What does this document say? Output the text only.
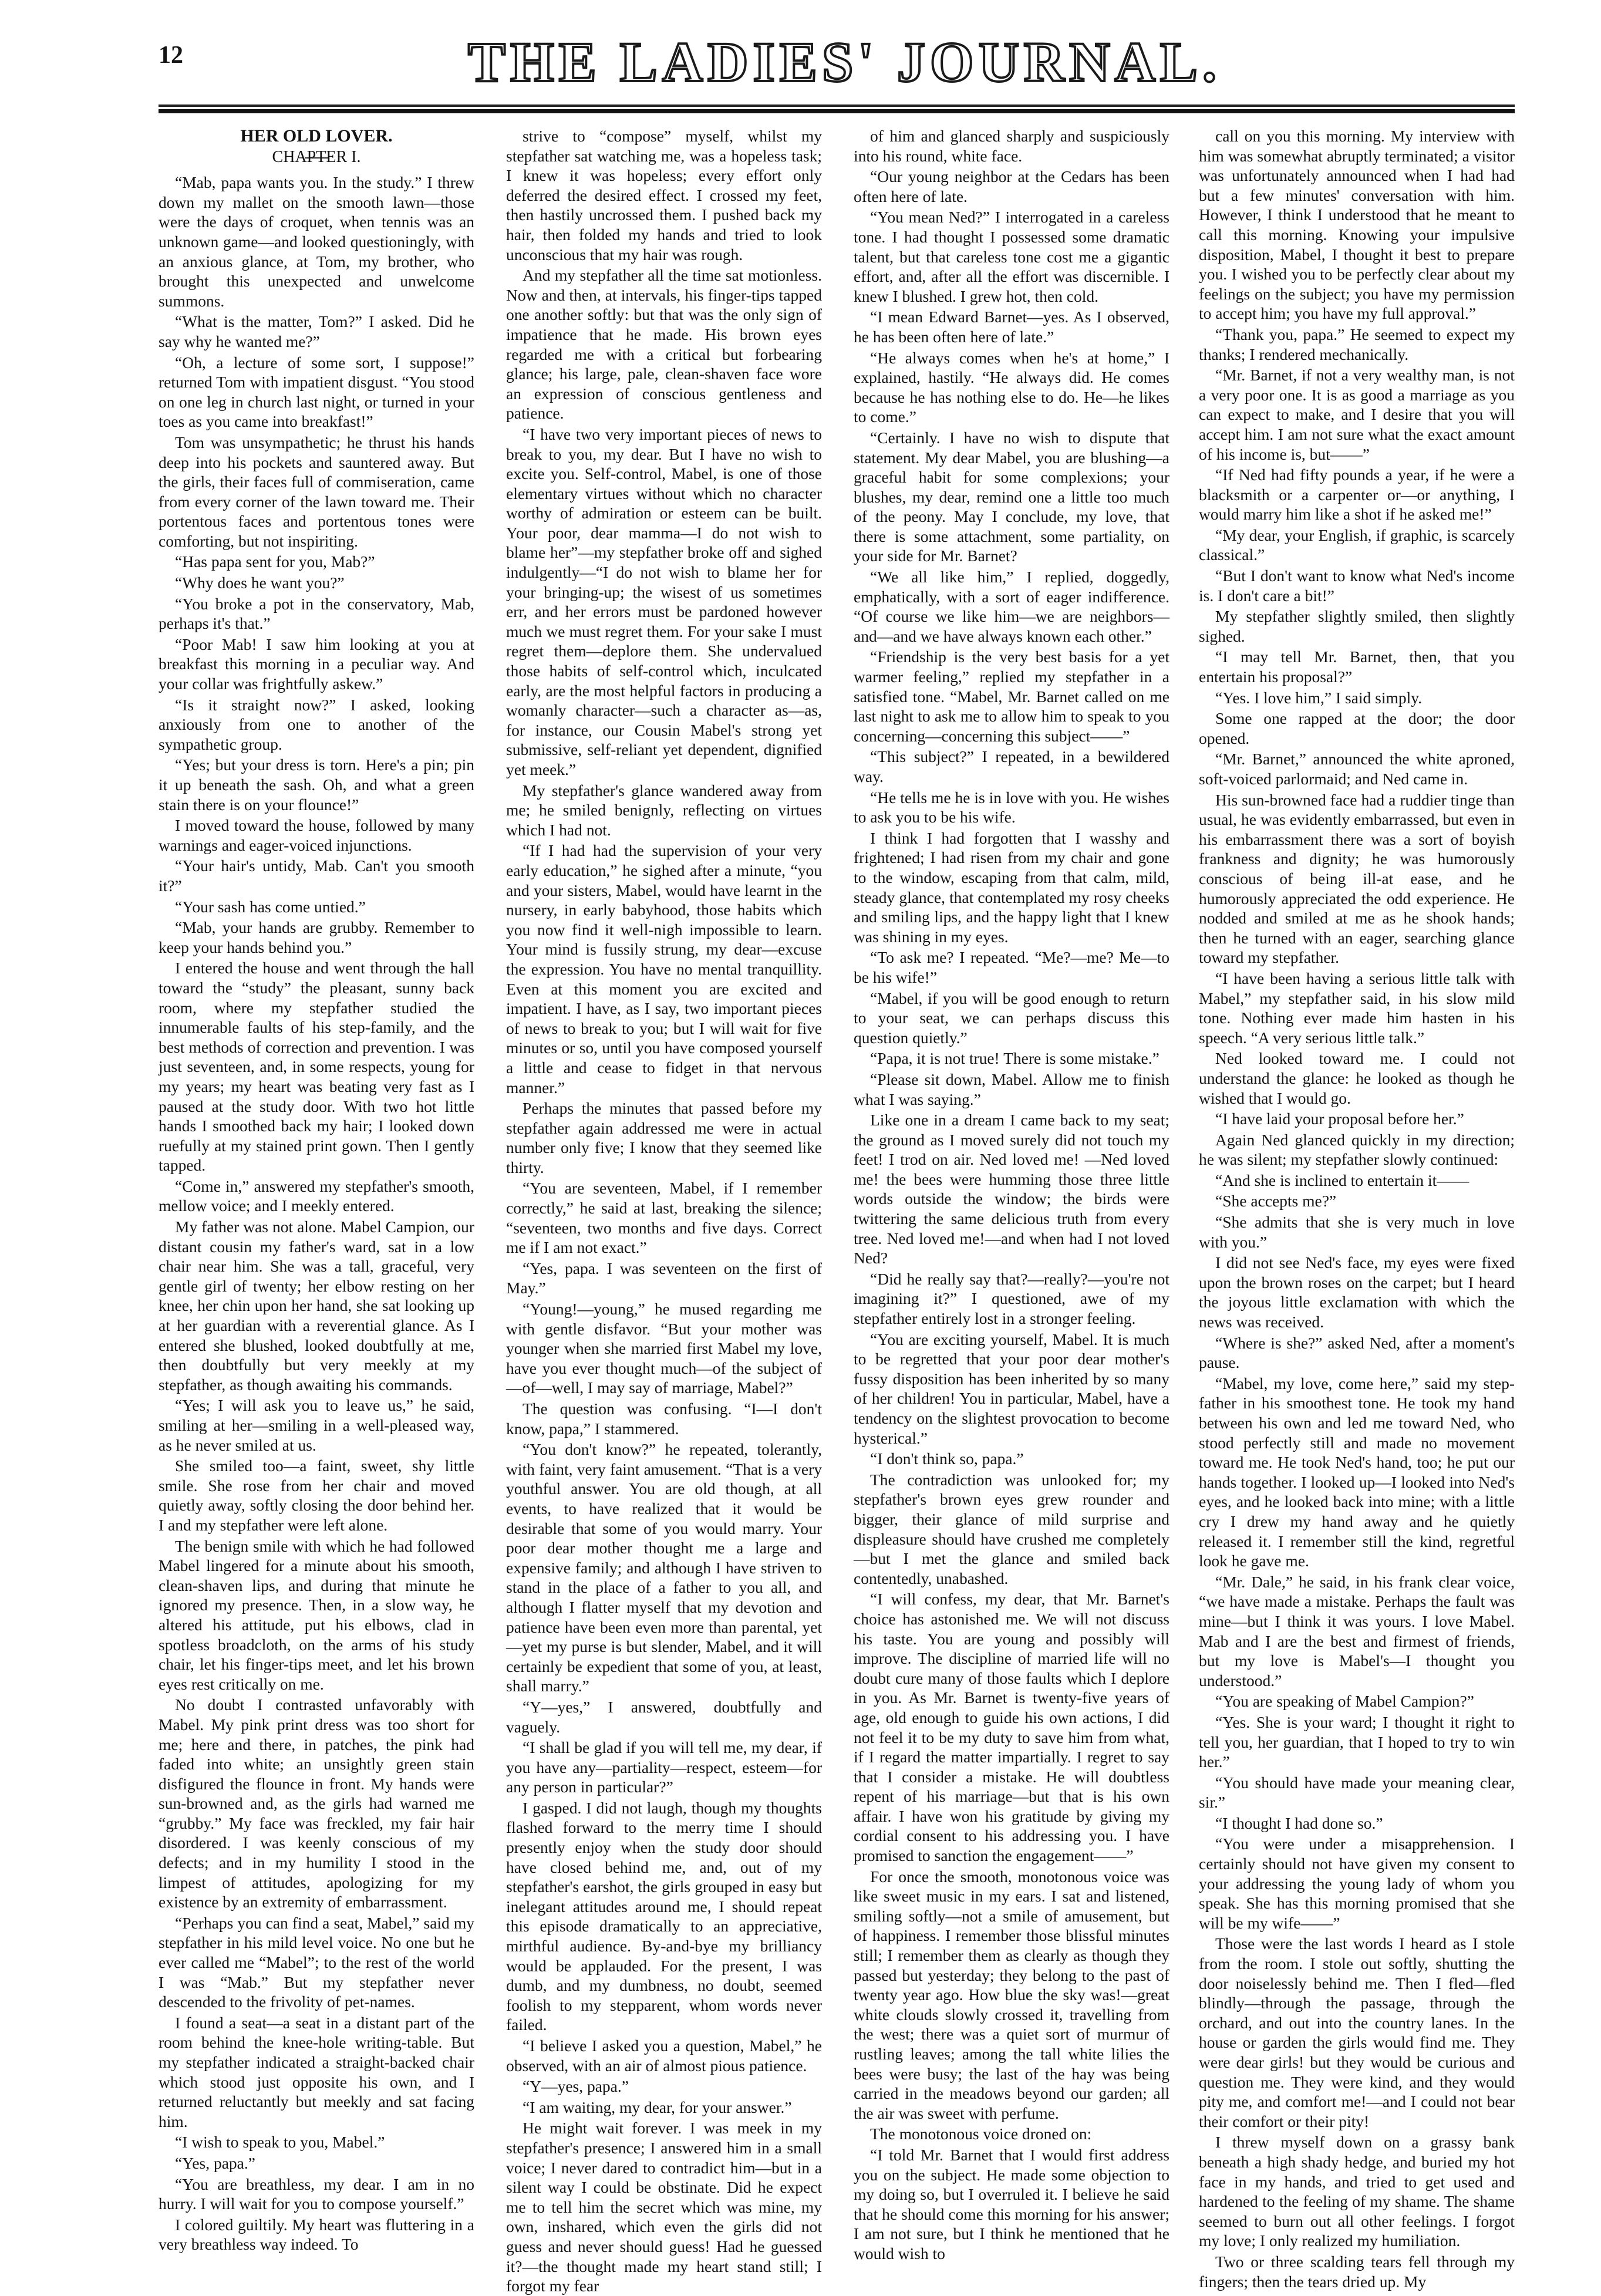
12	THE LADIES' JOURNAL.

HER OLD LOVER.

CHAPTER I.

“Mab, papa wants you. In the study.” I threw down my mallet on the smooth lawn—those were the days of croquet, when tennis was an unknown game—and looked questioningly, with an anxious glance, at Tom, my brother, who brought this unexpected and unwelcome summons.

“What is the matter, Tom?” I asked. Did he say why he wanted me?”

“Oh, a lecture of some sort, I suppose!” returned Tom with impatient disgust. “You stood on one leg in church last night, or turned in your toes as you came into breakfast!”

Tom was unsympathetic; he thrust his hands deep into his pockets and sauntered away. But the girls, their faces full of commiseration, came from every corner of the lawn toward me. Their portentous faces and portentous tones were comforting, but not inspiriting.

“Has papa sent for you, Mab?”

“Why does he want you?”

“You broke a pot in the conservatory, Mab, perhaps it's that.”

“Poor Mab! I saw him looking at you at breakfast this morning in a peculiar way. And your collar was frightfully askew.”

“Is it straight now?” I asked, looking anxiously from one to another of the sympathetic group.

“Yes; but your dress is torn. Here's a pin; pin it up beneath the sash. Oh, and what a green stain there is on your flounce!”

I moved toward the house, followed by many warnings and eager-voiced injunctions.

“Your hair's untidy, Mab. Can't you smooth it?”

“Your sash has come untied.”

“Mab, your hands are grubby. Remember to keep your hands behind you.”

I entered the house and went through the hall toward the “study” the pleasant, sunny back room, where my stepfather studied the innumerable faults of his step-family, and the best methods of correction and prevention. I was just seventeen, and, in some respects, young for my years; my heart was beating very fast as I paused at the study door. With two hot little hands I smoothed back my hair; I looked down ruefully at my stained print gown. Then I gently tapped.

“Come in,” answered my stepfather's smooth, mellow voice; and I meekly entered.

My father was not alone. Mabel Campion, our distant cousin my father's ward, sat in a low chair near him. She was a tall, graceful, very gentle girl of twenty; her elbow resting on her knee, her chin upon her hand, she sat looking up at her guardian with a reverential glance. As I entered she blushed, looked doubtfully at me, then doubtfully but very meekly at my stepfather, as though awaiting his commands.

“Yes; I will ask you to leave us,” he said, smiling at her—smiling in a well-pleased way, as he never smiled at us.

She smiled too—a faint, sweet, shy little smile. She rose from her chair and moved quietly away, softly closing the door behind her. I and my stepfather were left alone.

The benign smile with which he had followed Mabel lingered for a minute about his smooth, clean-shaven lips, and during that minute he ignored my presence. Then, in a slow way, he altered his attitude, put his elbows, clad in spotless broadcloth, on the arms of his study chair, let his finger-tips meet, and let his brown eyes rest critically on me.

No doubt I contrasted unfavorably with Mabel. My pink print dress was too short for me; here and there, in patches, the pink had faded into white; an unsightly green stain disfigured the flounce in front. My hands were sun-browned and, as the girls had warned me “grubby.” My face was freckled, my fair hair disordered. I was keenly conscious of my defects; and in my humility I stood in the limpest of attitudes, apologizing for my existence by an extremity of embarrassment.

“Perhaps you can find a seat, Mabel,” said my stepfather in his mild level voice. No one but he ever called me “Mabel”; to the rest of the world I was “Mab.” But my stepfather never descended to the frivolity of pet-names.

I found a seat—a seat in a distant part of the room behind the knee-hole writing-table. But my stepfather indicated a straight-backed chair which stood just opposite his own, and I returned reluctantly but meekly and sat facing him.

“I wish to speak to you, Mabel.”

“Yes, papa.”

“You are breathless, my dear. I am in no hurry. I will wait for you to compose yourself.”

I colored guiltily. My heart was fluttering in a very breathless way indeed. To

strive to “compose” myself, whilst my stepfather sat watching me, was a hopeless task; I knew it was hopeless; every effort only deferred the desired effect. I crossed my feet, then hastily uncrossed them. I pushed back my hair, then folded my hands and tried to look unconscious that my hair was rough.

And my stepfather all the time sat motionless. Now and then, at intervals, his finger-tips tapped one another softly: but that was the only sign of impatience that he made. His brown eyes regarded me with a critical but forbearing glance; his large, pale, clean-shaven face wore an expression of conscious gentleness and patience.

“I have two very important pieces of news to break to you, my dear. But I have no wish to excite you. Self-control, Mabel, is one of those elementary virtues without which no character worthy of admiration or esteem can be built. Your poor, dear mamma—I do not wish to blame her”—my stepfather broke off and sighed indulgently—“I do not wish to blame her for your bringing-up; the wisest of us sometimes err, and her errors must be pardoned however much we must regret them. For your sake I must regret them—deplore them. She undervalued those habits of self-control which, inculcated early, are the most helpful factors in producing a womanly character—such a character as—as, for instance, our Cousin Mabel's strong yet submissive, self-reliant yet dependent, dignified yet meek.”

My stepfather's glance wandered away from me; he smiled benignly, reflecting on virtues which I had not.

“If I had had the supervision of your very early education,” he sighed after a minute, “you and your sisters, Mabel, would have learnt in the nursery, in early babyhood, those habits which you now find it well-nigh impossible to learn. Your mind is fussily strung, my dear—excuse the expression. You have no mental tranquillity. Even at this moment you are excited and impatient. I have, as I say, two important pieces of news to break to you; but I will wait for five minutes or so, until you have composed yourself a little and cease to fidget in that nervous manner.”

Perhaps the minutes that passed before my stepfather again addressed me were in actual number only five; I know that they seemed like thirty.

“You are seventeen, Mabel, if I remember correctly,” he said at last, breaking the silence; “seventeen, two months and five days. Correct me if I am not exact.”

“Yes, papa. I was seventeen on the first of May.”

“Young!—young,” he mused regarding me with gentle disfavor. “But your mother was younger when she married first Mabel my love, have you ever thought much—of the subject of—of—well, I may say of marriage, Mabel?”

The question was confusing. “I—I don't know, papa,” I stammered.

“You don't know?” he repeated, tolerantly, with faint, very faint amusement. “That is a very youthful answer. You are old though, at all events, to have realized that it would be desirable that some of you would marry. Your poor dear mother thought me a large and expensive family; and although I have striven to stand in the place of a father to you all, and although I flatter myself that my devotion and patience have been even more than parental, yet—yet my purse is but slender, Mabel, and it will certainly be expedient that some of you, at least, shall marry.”

“Y—yes,” I answered, doubtfully and vaguely.

“I shall be glad if you will tell me, my dear, if you have any—partiality—respect, esteem—for any person in particular?”

I gasped. I did not laugh, though my thoughts flashed forward to the merry time I should presently enjoy when the study door should have closed behind me, and, out of my stepfather's earshot, the girls grouped in easy but inelegant attitudes around me, I should repeat this episode dramatically to an appreciative, mirthful audience. By-and-bye my brilliancy would be applauded. For the present, I was dumb, and my dumbness, no doubt, seemed foolish to my stepparent, whom words never failed.

“I believe I asked you a question, Mabel,” he observed, with an air of almost pious patience.

“Y—yes, papa.”

“I am waiting, my dear, for your answer.”

He might wait forever. I was meek in my stepfather's presence; I answered him in a small voice; I never dared to contradict him—but in a silent way I could be obstinate. Did he expect me to tell him the secret which was mine, my own, inshared, which even the girls did not guess and never should guess! Had he guessed it?—the thought made my heart stand still; I forgot my fear

of him and glanced sharply and suspiciously into his round, white face.

“Our young neighbor at the Cedars has been often here of late.

“You mean Ned?” I interrogated in a careless tone. I had thought I possessed some dramatic talent, but that careless tone cost me a gigantic effort, and, after all the effort was discernible. I knew I blushed. I grew hot, then cold.

“I mean Edward Barnet—yes. As I observed, he has been often here of late.”

“He always comes when he's at home,” I explained, hastily. “He always did. He comes because he has nothing else to do. He—he likes to come.”

“Certainly. I have no wish to dispute that statement. My dear Mabel, you are blushing—a graceful habit for some complexions; your blushes, my dear, remind one a little too much of the peony. May I conclude, my love, that there is some attachment, some partiality, on your side for Mr. Barnet?

“We all like him,” I replied, doggedly, emphatically, with a sort of eager indifference. “Of course we like him—we are neighbors—and—and we have always known each other.”

“Friendship is the very best basis for a yet warmer feeling,” replied my stepfather in a satisfied tone. “Mabel, Mr. Barnet called on me last night to ask me to allow him to speak to you concerning—concerning this subject——”

“This subject?” I repeated, in a bewildered way.

“He tells me he is in love with you. He wishes to ask you to be his wife.

I think I had forgotten that I wasshy and frightened; I had risen from my chair and gone to the window, escaping from that calm, mild, steady glance, that contemplated my rosy cheeks and smiling lips, and the happy light that I knew was shining in my eyes.

“To ask me? I repeated. “Me?—me? Me—to be his wife!”

“Mabel, if you will be good enough to return to your seat, we can perhaps discuss this question quietly.”

“Papa, it is not true! There is some mistake.”

“Please sit down, Mabel. Allow me to finish what I was saying.”

Like one in a dream I came back to my seat; the ground as I moved surely did not touch my feet! I trod on air. Ned loved me! —Ned loved me! the bees were humming those three little words outside the window; the birds were twittering the same delicious truth from every tree. Ned loved me!—and when had I not loved Ned?

“Did he really say that?—really?—you're not imagining it?” I questioned, awe of my stepfather entirely lost in a stronger feeling.

“You are exciting yourself, Mabel. It is much to be regretted that your poor dear mother's fussy disposition has been inherited by so many of her children! You in particular, Mabel, have a tendency on the slightest provocation to become hysterical.”

“I don't think so, papa.”

The contradiction was unlooked for; my stepfather's brown eyes grew rounder and bigger, their glance of mild surprise and displeasure should have crushed me completely—but I met the glance and smiled back contentedly, unabashed.

“I will confess, my dear, that Mr. Barnet's choice has astonished me. We will not discuss his taste. You are young and possibly will improve. The discipline of married life will no doubt cure many of those faults which I deplore in you. As Mr. Barnet is twenty-five years of age, old enough to guide his own actions, I did not feel it to be my duty to save him from what, if I regard the matter impartially. I regret to say that I consider a mistake. He will doubtless repent of his marriage—but that is his own affair. I have won his gratitude by giving my cordial consent to his addressing you. I have promised to sanction the engagement——”

For once the smooth, monotonous voice was like sweet music in my ears. I sat and listened, smiling softly—not a smile of amusement, but of happiness. I remember those blissful minutes still; I remember them as clearly as though they passed but yesterday; they belong to the past of twenty year ago. How blue the sky was!—great white clouds slowly crossed it, travelling from the west; there was a quiet sort of murmur of rustling leaves; among the tall white lilies the bees were busy; the last of the hay was being carried in the meadows beyond our garden; all the air was sweet with perfume.

The monotonous voice droned on:

“I told Mr. Barnet that I would first address you on the subject. He made some objection to my doing so, but I overruled it. I believe he said that he should come this morning for his answer; I am not sure, but I think he mentioned that he would wish to

call on you this morning. My interview with him was somewhat abruptly terminated; a visitor was unfortunately announced when I had had but a few minutes' conversation with him. However, I think I understood that he meant to call this morning. Knowing your impulsive disposition, Mabel, I thought it best to prepare you. I wished you to be perfectly clear about my feelings on the subject; you have my permission to accept him; you have my full approval.”

“Thank you, papa.” He seemed to expect my thanks; I rendered mechanically.

“Mr. Barnet, if not a very wealthy man, is not a very poor one. It is as good a marriage as you can expect to make, and I desire that you will accept him. I am not sure what the exact amount of his income is, but——”

“If Ned had fifty pounds a year, if he were a blacksmith or a carpenter or—or anything, I would marry him like a shot if he asked me!”

“My dear, your English, if graphic, is scarcely classical.”

“But I don't want to know what Ned's income is. I don't care a bit!”

My stepfather slightly smiled, then slightly sighed.

“I may tell Mr. Barnet, then, that you entertain his proposal?”

“Yes. I love him,” I said simply.

Some one rapped at the door; the door opened.

“Mr. Barnet,” announced the white aproned, soft-voiced parlormaid; and Ned came in.

His sun-browned face had a ruddier tinge than usual, he was evidently embarrassed, but even in his embarrassment there was a sort of boyish frankness and dignity; he was humorously conscious of being ill-at ease, and he humorously appreciated the odd experience. He nodded and smiled at me as he shook hands; then he turned with an eager, searching glance toward my stepfather.

“I have been having a serious little talk with Mabel,” my stepfather said, in his slow mild tone. Nothing ever made him hasten in his speech. “A very serious little talk.”

Ned looked toward me. I could not understand the glance: he looked as though he wished that I would go.

“I have laid your proposal before her.”

Again Ned glanced quickly in my direction; he was silent; my stepfather slowly continued:

“And she is inclined to entertain it——

“She accepts me?”

“She admits that she is very much in love with you.”

I did not see Ned's face, my eyes were fixed upon the brown roses on the carpet; but I heard the joyous little exclamation with which the news was received.

“Where is she?” asked Ned, after a moment's pause.

“Mabel, my love, come here,” said my step-father in his smoothest tone. He took my hand between his own and led me toward Ned, who stood perfectly still and made no movement toward me. He took Ned's hand, too; he put our hands together. I looked up—I looked into Ned's eyes, and he looked back into mine; with a little cry I drew my hand away and he quietly released it. I remember still the kind, regretful look he gave me.

“Mr. Dale,” he said, in his frank clear voice, “we have made a mistake. Perhaps the fault was mine—but I think it was yours. I love Mabel. Mab and I are the best and firmest of friends, but my love is Mabel's—I thought you understood.”

“You are speaking of Mabel Campion?”

“Yes. She is your ward; I thought it right to tell you, her guardian, that I hoped to try to win her.”

“You should have made your meaning clear, sir.”

“I thought I had done so.”

“You were under a misapprehension. I certainly should not have given my consent to your addressing the young lady of whom you speak. She has this morning promised that she will be my wife——”

Those were the last words I heard as I stole from the room. I stole out softly, shutting the door noiselessly behind me. Then I fled—fled blindly—through the passage, through the orchard, and out into the country lanes. In the house or garden the girls would find me. They were dear girls! but they would be curious and question me. They were kind, and they would pity me, and comfort me!—and I could not bear their comfort or their pity!

I threw myself down on a grassy bank beneath a high shady hedge, and buried my hot face in my hands, and tried to get used and hardened to the feeling of my shame. The shame seemed to burn out all other feelings. I forgot my love; I only realized my humiliation.

Two or three scalding tears fell through my fingers; then the tears dried up. My
